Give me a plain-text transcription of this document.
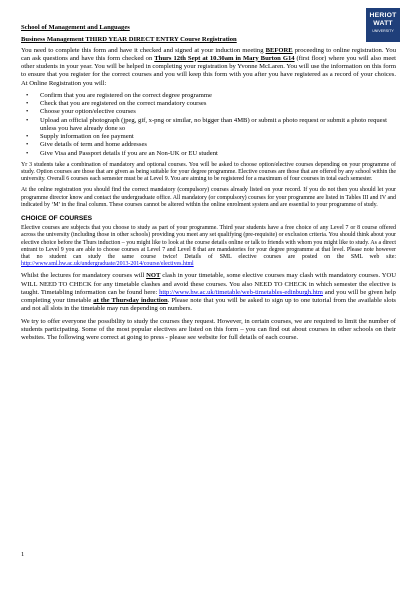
HERIOT
WATT
UNIVERSITY

School of Management and Languages

Business Management THIRD YEAR DIRECT ENTRY Course Registration

You need to complete this form and have it checked and signed at your induction meeting BEFORE proceeding to online registration. You can ask questions and have this form checked on Thurs 12th Sept at 10.30am in Mary Burton G14 (first floor) where you will also meet other students in your year. You will be helped in completing your registration by Yvonne McLaren. You will use the information on this form to ensure that you register for the correct courses and you will keep this form with you after you have registered as a record of your choices. At Online Registration you will:

• Confirm that you are registered on the correct degree programme
• Check that you are registered on the correct mandatory courses
• Choose your option/elective courses
• Upload an official photograph (jpeg, gif, x-png or similar, no bigger than 4MB) or submit a photo request or submit a photo request unless you have already done so
• Supply information on fee payment
• Give details of term and home addresses
• Give Visa and Passport details if you are an Non-UK or EU student

Yr 3 students take a combination of mandatory and optional courses. You will be asked to choose option/elective courses depending on your programme of study. Option courses are those that are given as being suitable for your degree programme. Elective courses are those that are offered by any school within the university. Overall 6 courses each semester must be at Level 9. You are aiming to be registered for a maximum of four courses in total each semester.

At the online registration you should find the correct mandatory (compulsory) courses already listed on your record. If you do not then you should let your programme director know and contact the undergraduate office. All mandatory (or compulsory) courses for your programme are listed in Tables III and IV and indicated by ‘M’ in the final column. These courses cannot be altered within the online enrolment system and are essential to your programme of study.

CHOICE OF COURSES

Elective courses are subjects that you choose to study as part of your programme. Third year students have a free choice of any Level 7 or 8 course offered across the university (including those in other schools) providing you meet any set qualifying (pre-requisite) or exclusion criteria. You should think about your elective choice before the Thurs induction – you might like to look at the course details online or talk to friends with whom you might like to study. As a direct entrant to Level 9 you are able to choose courses at Level 7 and Level 8 that are mandatories for your degree programme at that level. Please note however that no student can study the same course twice! Details of SML elective courses are posted on the SML web site: http://www.sml.hw.ac.uk/undergraduate/2013-2014/course/electives.html

Whilst the lectures for mandatory courses will NOT clash in your timetable, some elective courses may clash with mandatory courses. YOU WILL NEED TO CHECK for any timetable clashes and avoid these courses. You also NEED TO CHECK in which semester the elective is taught. Timetabling information can be found here: http://www.hw.ac.uk/timetable/web-timetables-edinburgh.htm and you will be given help completing your timetable at the Thursday induction. Please note that you will be asked to sign up to one tutorial from the available slots and not all slots in the timetable may run depending on numbers.

We try to offer everyone the possibility to study the courses they request. However, in certain courses, we are required to limit the number of students participating. Some of the most popular electives are listed on this form – you can find out about courses in other schools on their websites. The following were correct at going to press - please see website for full details of each course.

1
